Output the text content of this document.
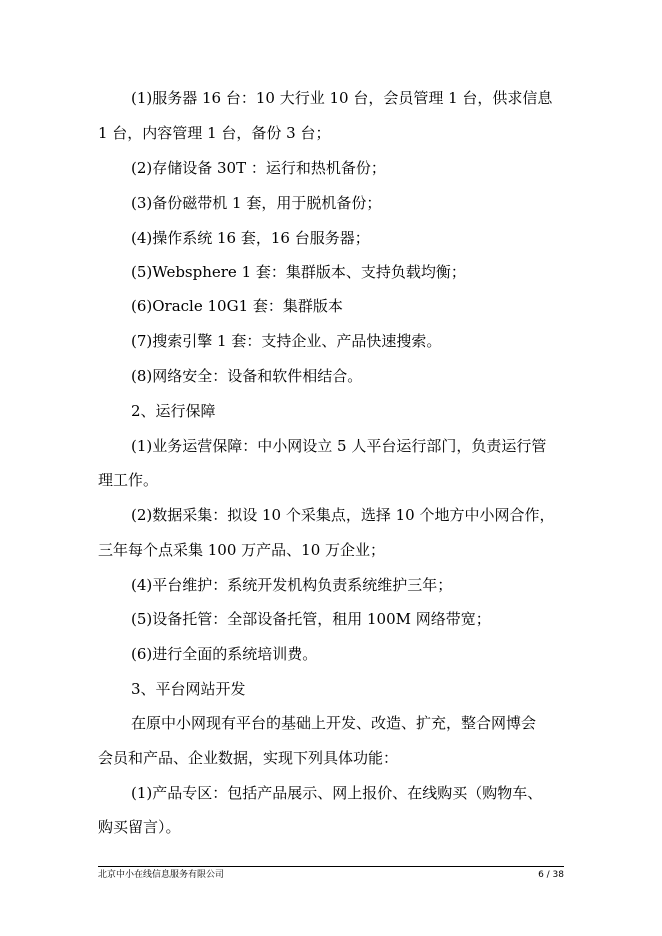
(1)服务器 16 台：10 大行业 10 台，会员管理 1 台，供求信息
1 台，内容管理 1 台，备份 3 台；
(2)存储设备 30T ：运行和热机备份；
(3)备份磁带机 1 套，用于脱机备份；
(4)操作系统 16 套，16 台服务器；
(5)Websphere 1 套：集群版本、支持负载均衡；
(6)Oracle 10G1 套：集群版本
(7)搜索引擎 1 套：支持企业、产品快速搜索。
(8)网络安全：设备和软件相结合。
2、运行保障
(1)业务运营保障：中小网设立 5 人平台运行部门，负责运行管
理工作。
(2)数据采集：拟设 10 个采集点，选择 10 个地方中小网合作，
三年每个点采集 100 万产品、10 万企业；
(4)平台维护：系统开发机构负责系统维护三年；
(5)设备托管：全部设备托管，租用 100M 网络带宽；
(6)进行全面的系统培训费。
3、平台网站开发
在原中小网现有平台的基础上开发、改造、扩充，整合网博会
会员和产品、企业数据，实现下列具体功能：
(1)产品专区：包括产品展示、网上报价、在线购买（购物车、
购买留言）。
北京中小在线信息服务有限公司	6 / 38
